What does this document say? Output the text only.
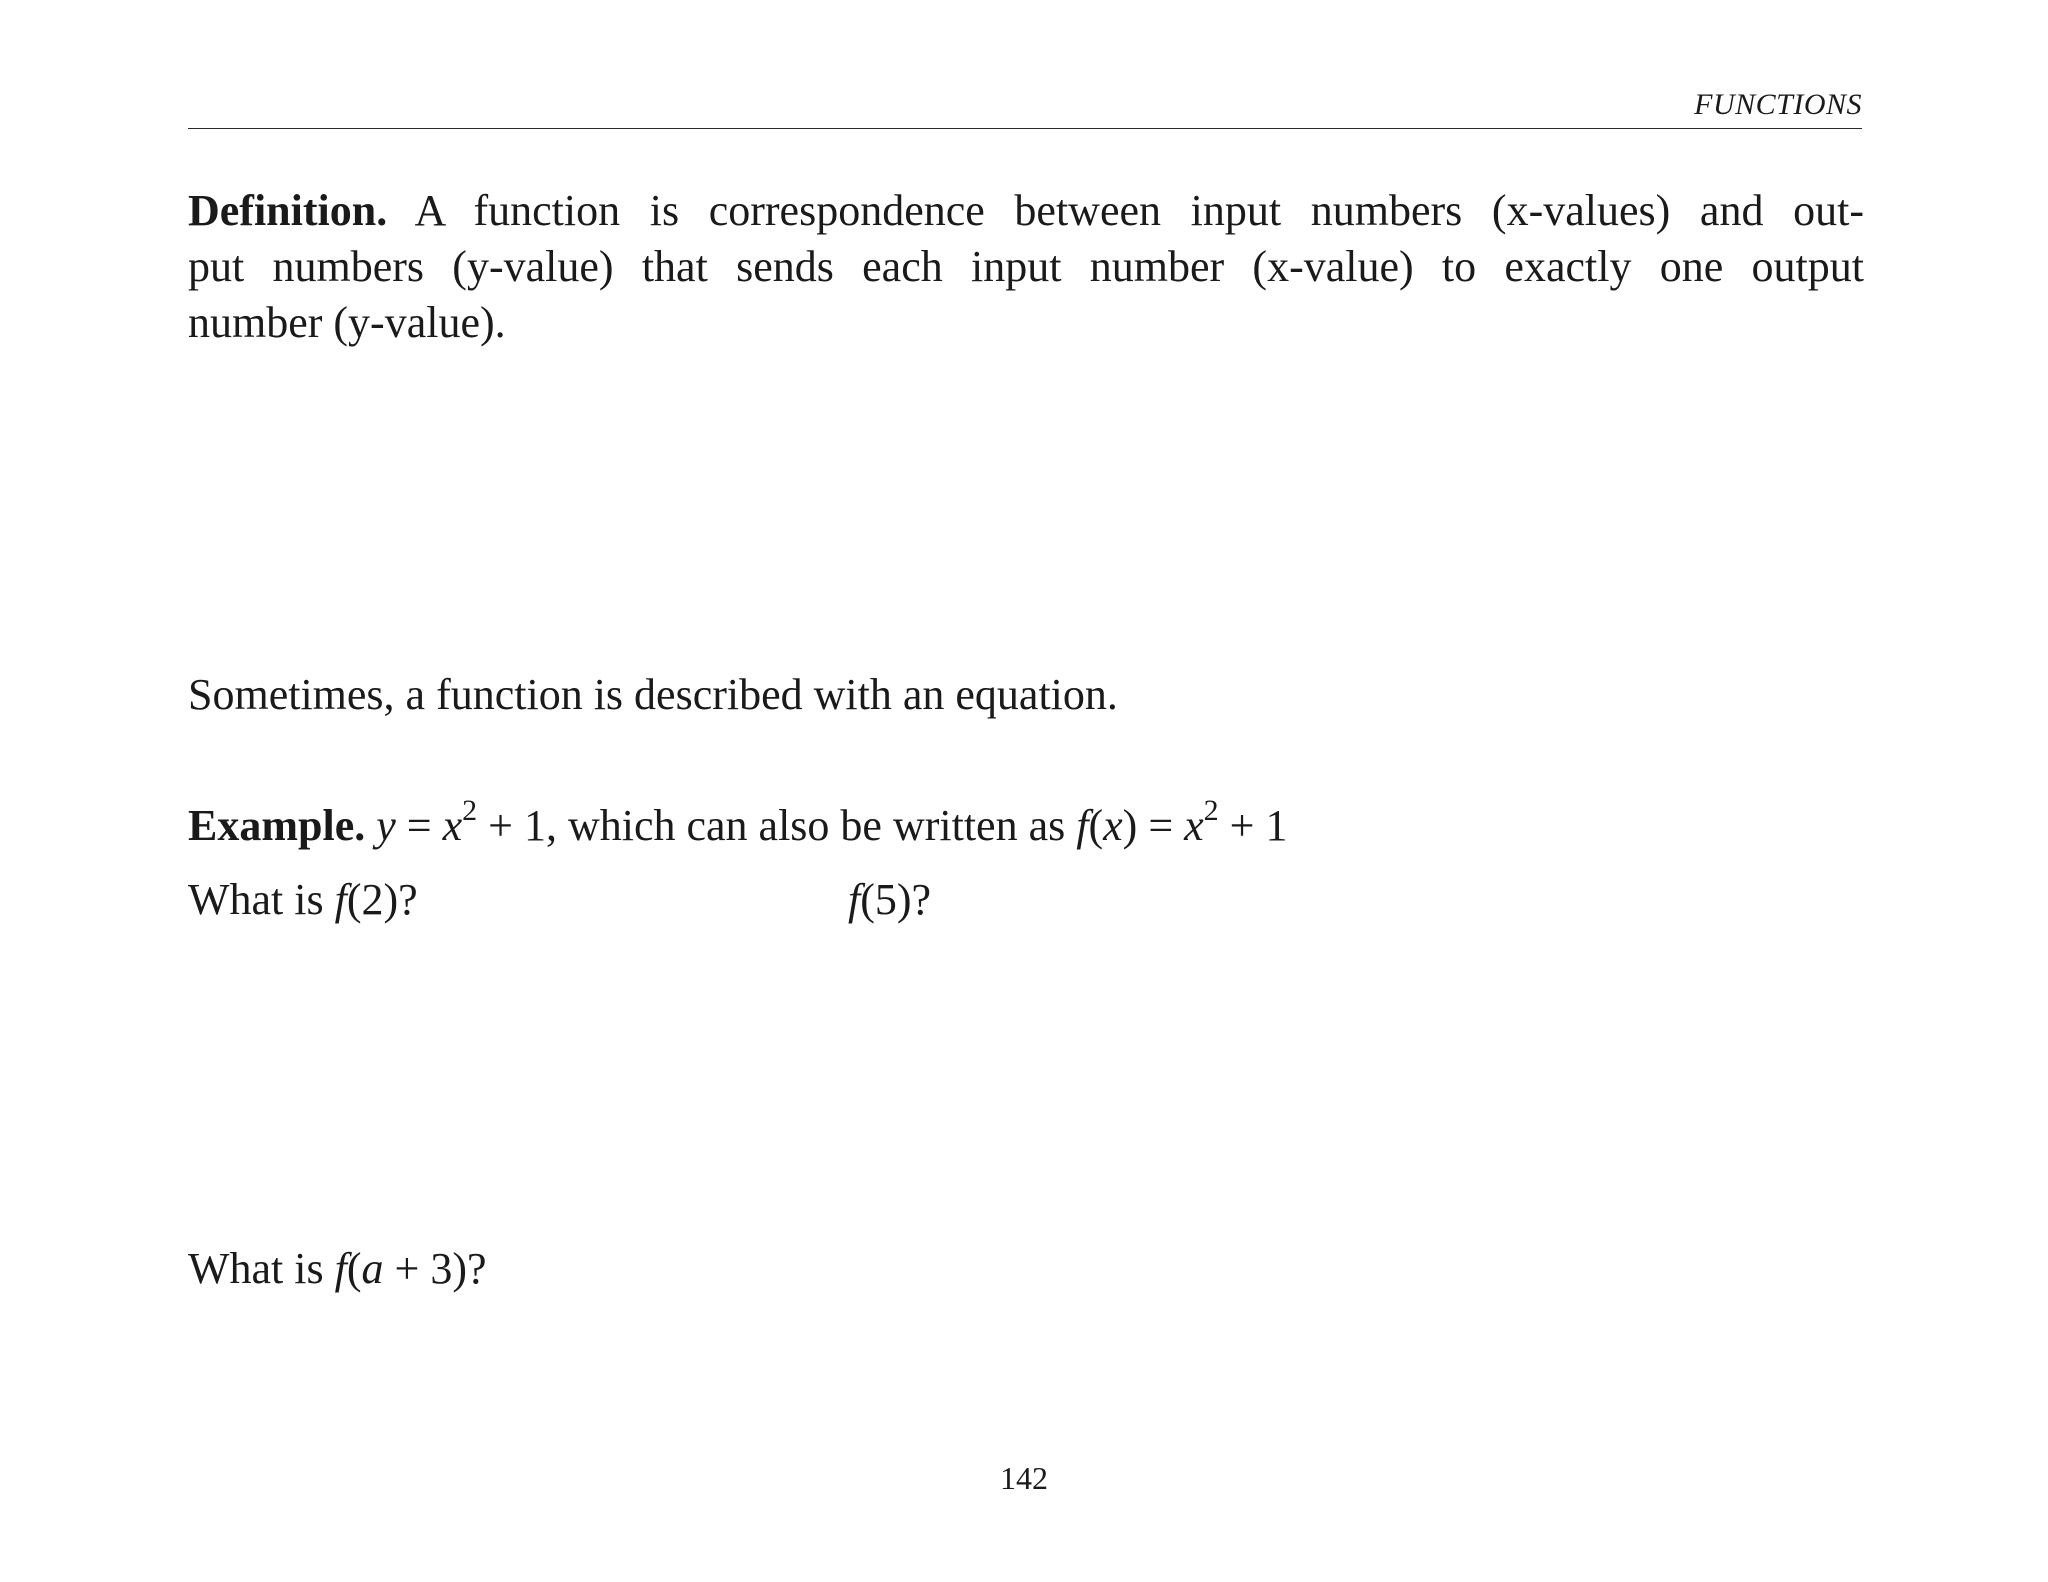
FUNCTIONS
Definition. A function is correspondence between input numbers (x-values) and out-
put numbers (y-value) that sends each input number (x-value) to exactly one output
number (y-value).
Sometimes, a function is described with an equation.
Example. $y = x^2 + 1$, which can also be written as $f(x) = x^2 + 1$
What is f(2)?	f(5)?
What is f(a + 3)?
142
